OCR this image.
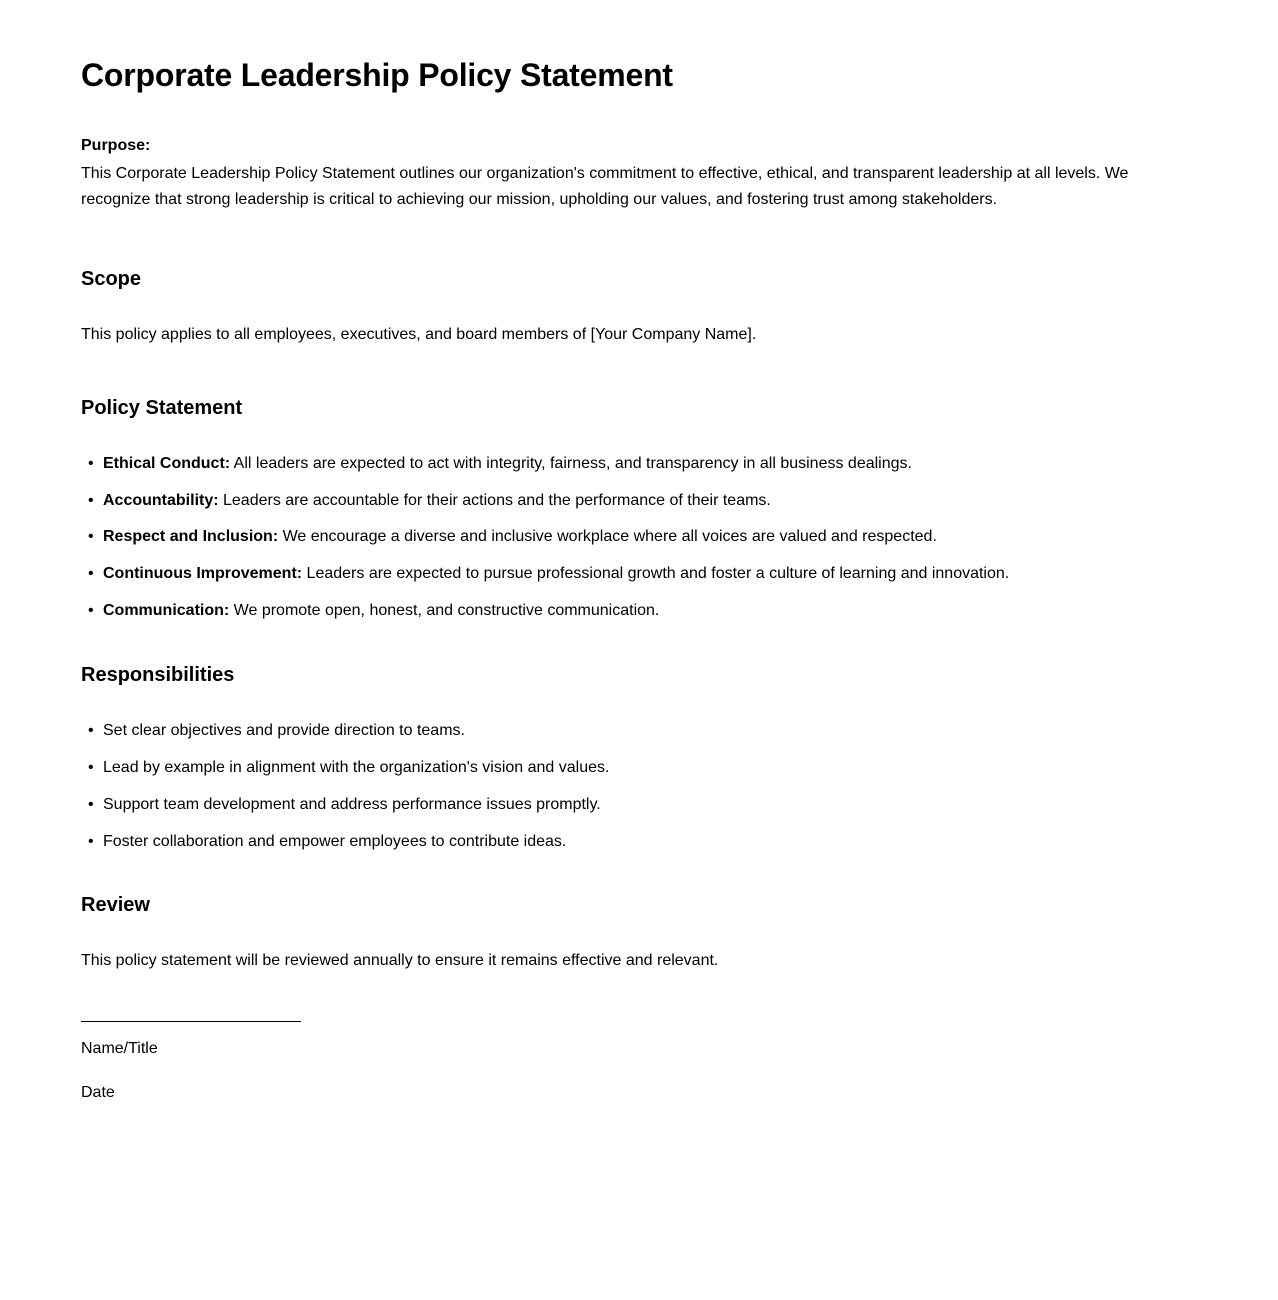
Corporate Leadership Policy Statement

Purpose:

This Corporate Leadership Policy Statement outlines our organization's commitment to effective, ethical, and transparent leadership at all levels. We recognize that strong leadership is critical to achieving our mission, upholding our values, and fostering trust among stakeholders.

Scope

This policy applies to all employees, executives, and board members of [Your Company Name].

Policy Statement
• Ethical Conduct: All leaders are expected to act with integrity, fairness, and transparency in all business dealings.
• Accountability: Leaders are accountable for their actions and the performance of their teams.
• Respect and Inclusion: We encourage a diverse and inclusive workplace where all voices are valued and respected.
• Continuous Improvement: Leaders are expected to pursue professional growth and foster a culture of learning and innovation.
• Communication: We promote open, honest, and constructive communication.
Responsibilities
• Set clear objectives and provide direction to teams.
• Lead by example in alignment with the organization's vision and values.
• Support team development and address performance issues promptly.
• Foster collaboration and empower employees to contribute ideas.
Review

This policy statement will be reviewed annually to ensure it remains effective and relevant.

Name/Title

Date
